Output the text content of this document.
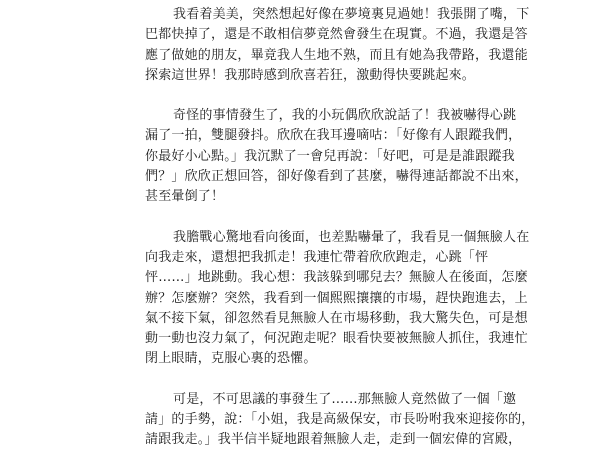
我看着美美，突然想起好像在夢境裏見過她！我張開了嘴，下
巴都快掉了，還是不敢相信夢竟然會發生在現實。不過，我還是答
應了做她的朋友，畢竟我人生地不熟，而且有她為我帶路，我還能
探索這世界！我那時感到欣喜若狂，激動得快要跳起來。
奇怪的事情發生了，我的小玩偶欣欣說話了！我被嚇得心跳
漏了一拍，雙腿發抖。欣欣在我耳邊嘀咕：「好像有人跟蹤我們，
你最好小心點。」我沉默了一會兒再說：「好吧，可是是誰跟蹤我
們？」欣欣正想回答，卻好像看到了甚麼，嚇得連話都說不出來，
甚至暈倒了！
我膽戰心驚地看向後面，也差點嚇暈了，我看見一個無臉人在
向我走來，還想把我抓走！我連忙帶着欣欣跑走，心跳「怦
怦……」地跳動。我心想：我該躲到哪兒去？無臉人在後面，怎麼
辦？怎麼辦？突然，我看到一個熙熙攘攘的市場，趕快跑進去，上
氣不接下氣，卻忽然看見無臉人在市場移動，我大驚失色，可是想
動一動也沒力氣了，何況跑走呢？眼看快要被無臉人抓住，我連忙
閉上眼睛，克服心裏的恐懼。
可是，不可思議的事發生了……那無臉人竟然做了一個「邀
請」的手勢，說：「小姐，我是高級保安，市長吩咐我來迎接你的，
請跟我走。」我半信半疑地跟着無臉人走，走到一個宏偉的宮殿，
